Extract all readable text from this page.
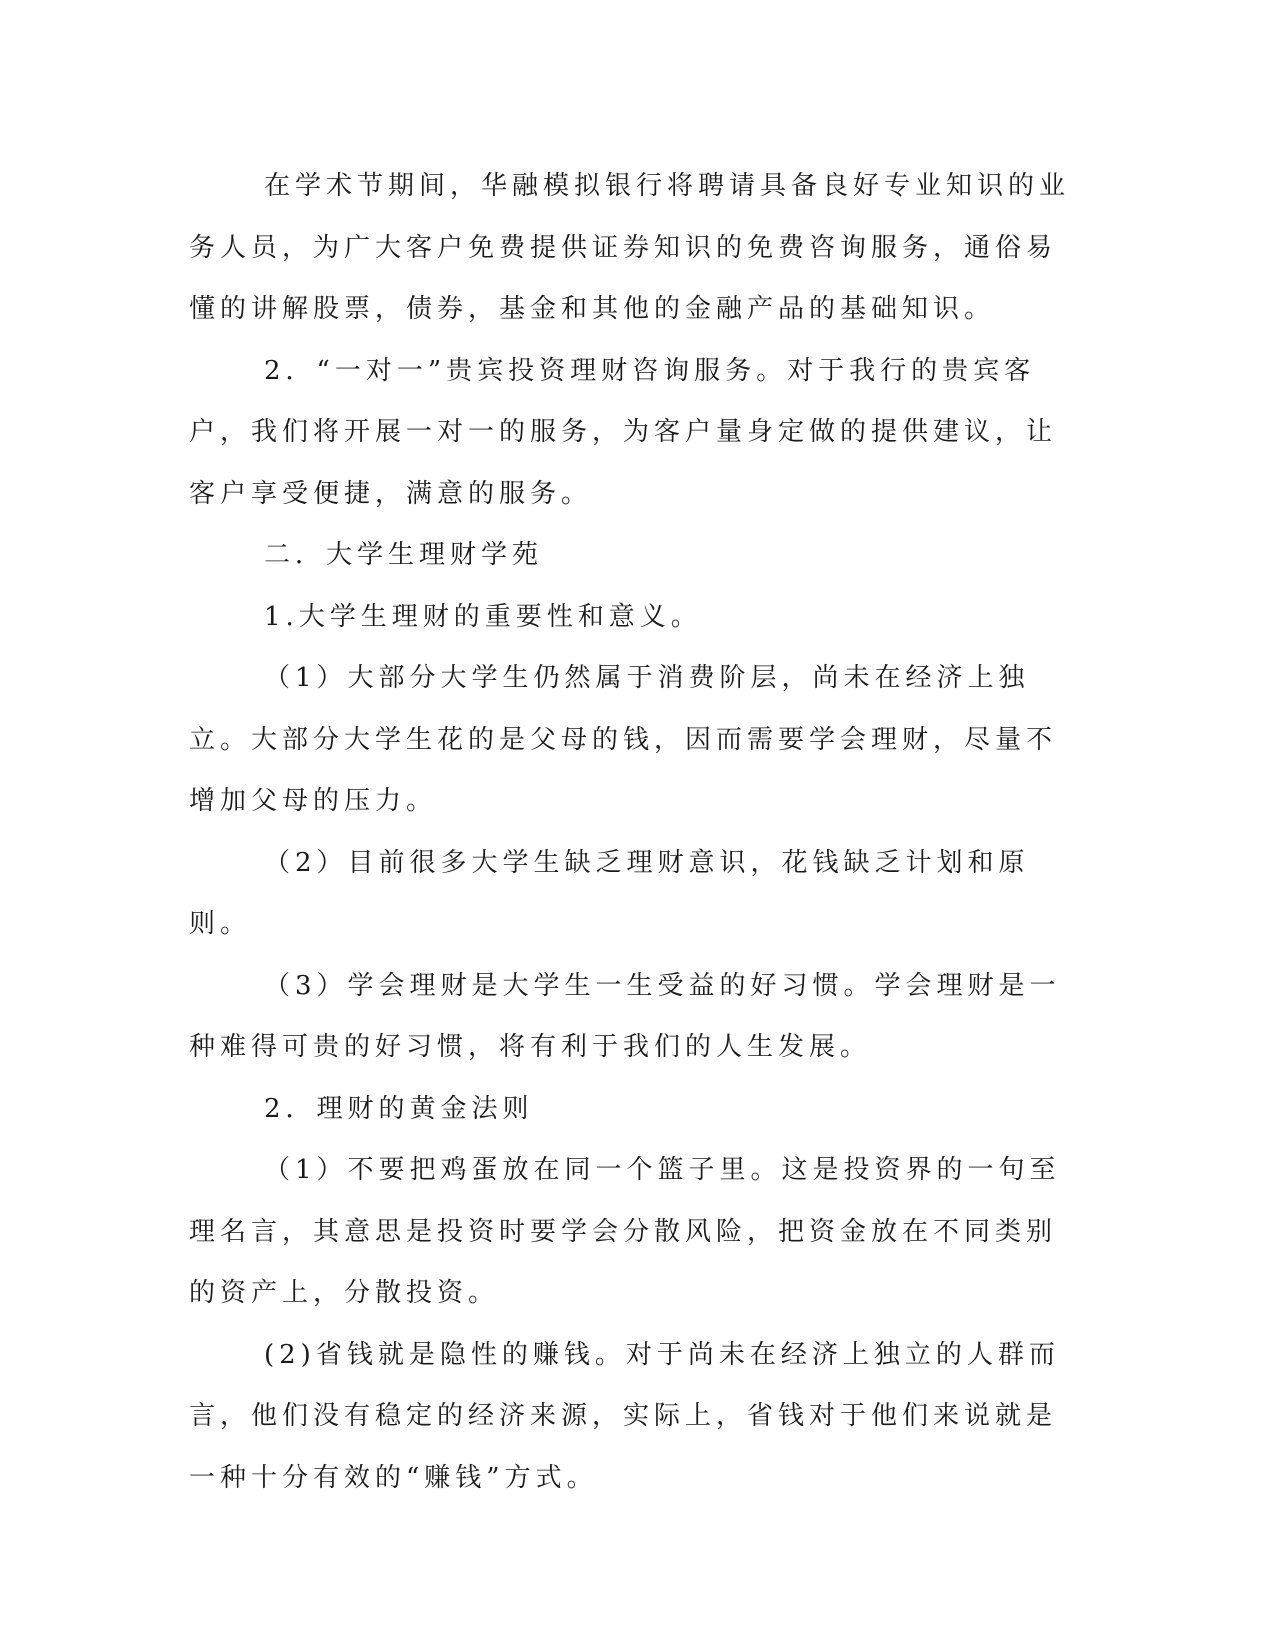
在学术节期间，华融模拟银行将聘请具备良好专业知识的业务人员，为广大客户免费提供证券知识的免费咨询服务，通俗易懂的讲解股票，债券，基金和其他的金融产品的基础知识。

2．“一对一”贵宾投资理财咨询服务。对于我行的贵宾客户，我们将开展一对一的服务，为客户量身定做的提供建议，让客户享受便捷，满意的服务。

二．大学生理财学苑

1.大学生理财的重要性和意义。

（1）大部分大学生仍然属于消费阶层，尚未在经济上独立。大部分大学生花的是父母的钱，因而需要学会理财，尽量不增加父母的压力。

（2）目前很多大学生缺乏理财意识，花钱缺乏计划和原则。

（3）学会理财是大学生一生受益的好习惯。学会理财是一种难得可贵的好习惯，将有利于我们的人生发展。

2．理财的黄金法则

（1）不要把鸡蛋放在同一个篮子里。这是投资界的一句至理名言，其意思是投资时要学会分散风险，把资金放在不同类别的资产上，分散投资。

(2)省钱就是隐性的赚钱。对于尚未在经济上独立的人群而言，他们没有稳定的经济来源，实际上，省钱对于他们来说就是一种十分有效的“赚钱”方式。
